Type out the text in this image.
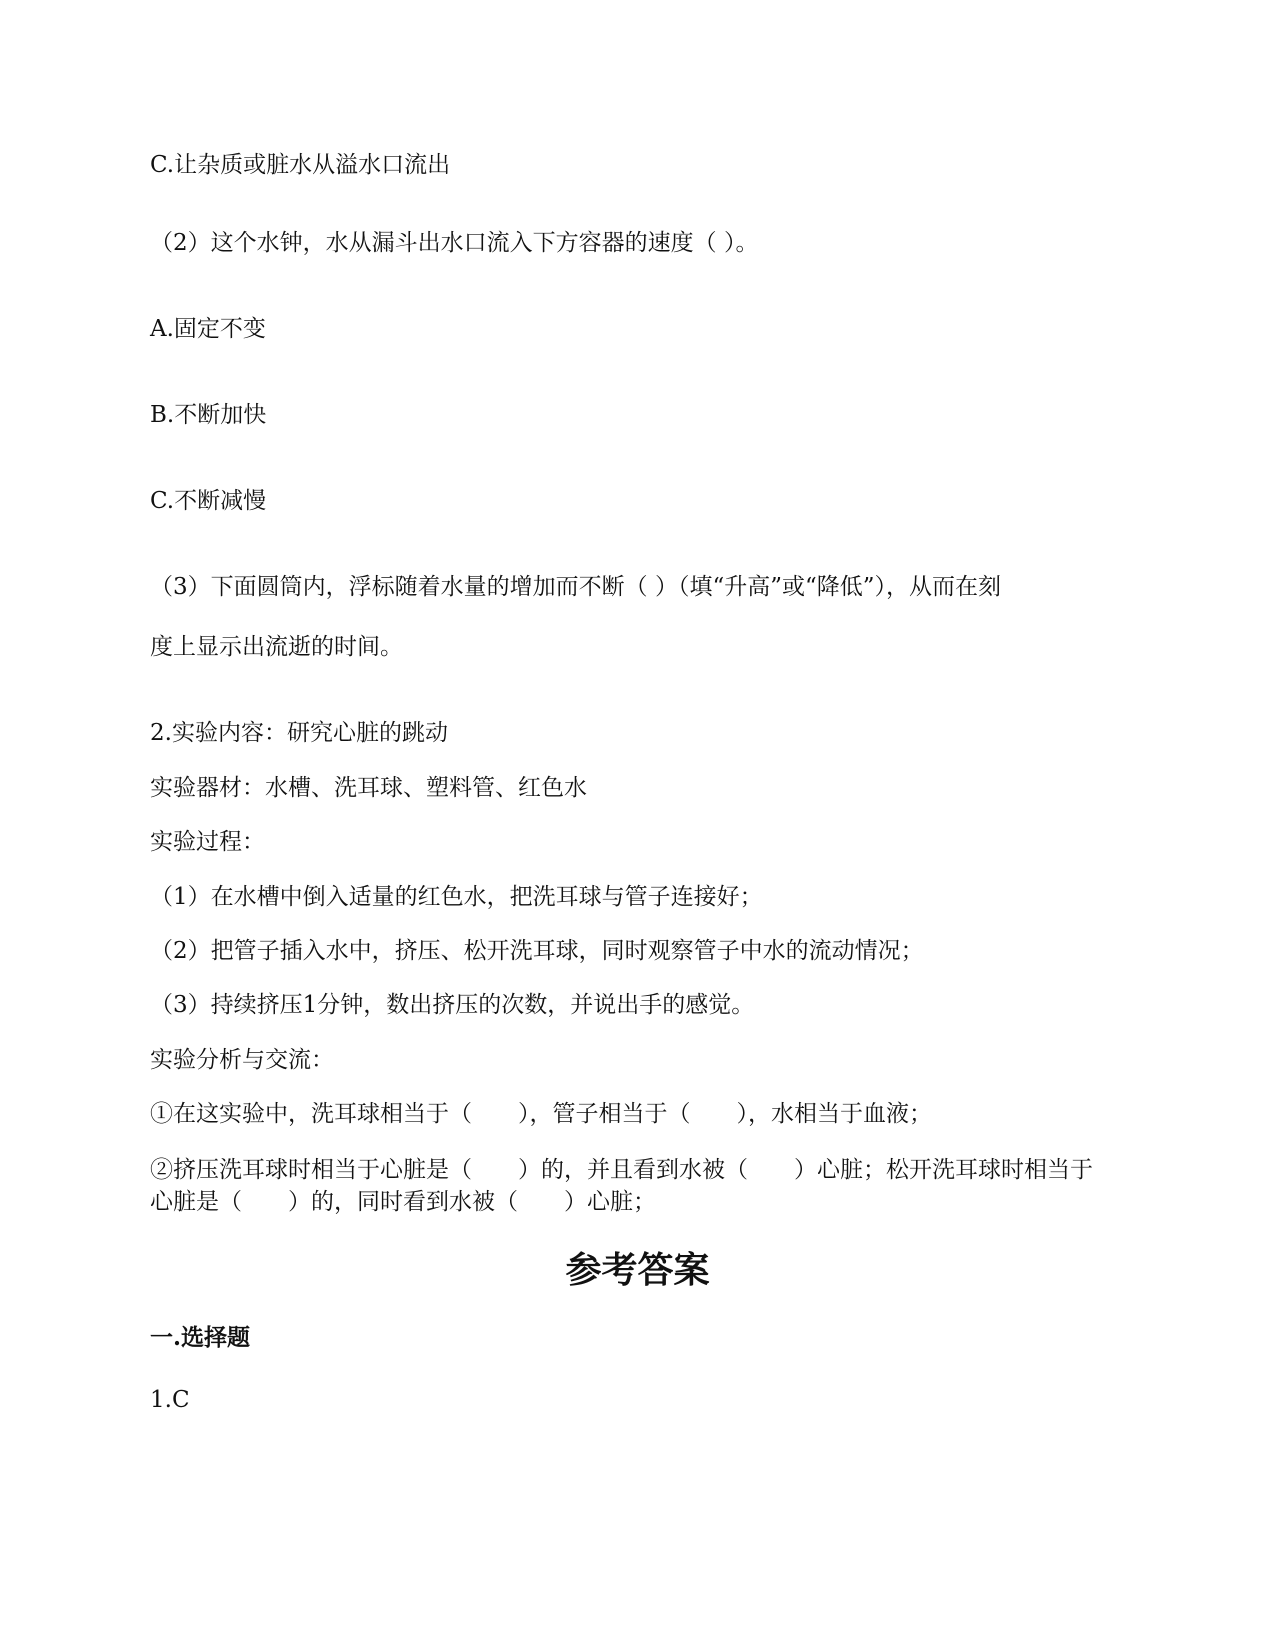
C.让杂质或脏水从溢水口流出
（2）这个水钟，水从漏斗出水口流入下方容器的速度（ ）。
A.固定不变
B.不断加快
C.不断减慢
（3）下面圆筒内，浮标随着水量的增加而不断（ ）（填“升高”或“降低”），从而在刻
度上显示出流逝的时间。
2.实验内容：研究心脏的跳动
实验器材：水槽、洗耳球、塑料管、红色水
实验过程：
（1）在水槽中倒入适量的红色水，把洗耳球与管子连接好；
（2）把管子插入水中，挤压、松开洗耳球，同时观察管子中水的流动情况；
（3）持续挤压1分钟，数出挤压的次数，并说出手的感觉。
实验分析与交流：
①在这实验中，洗耳球相当于（　　），管子相当于（　　），水相当于血液；
②挤压洗耳球时相当于心脏是（　　）的，并且看到水被（　　）心脏；松开洗耳球时相当于心脏是（　　）的，同时看到水被（　　）心脏；
参考答案
一.选择题
1.C
